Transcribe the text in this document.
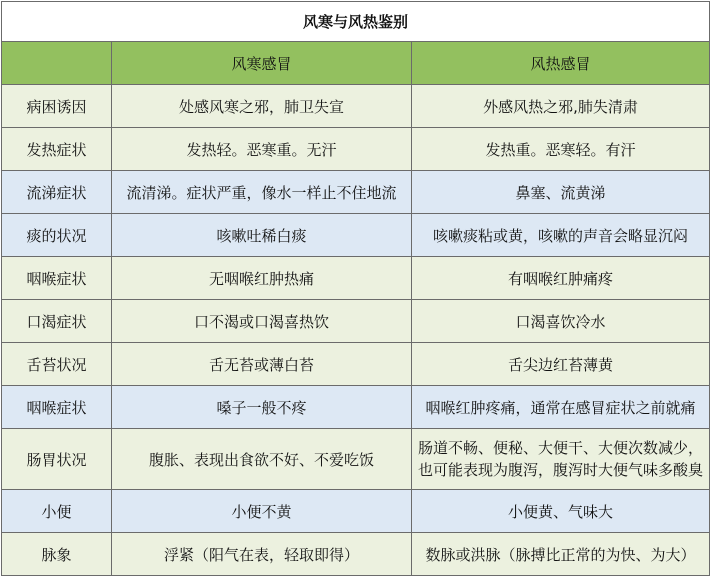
风寒与风热鉴别		
	风寒感冒	风热感冒
病困诱因	处感风寒之邪，肺卫失宣	外感风热之邪,肺失清肃
发热症状	发热轻。恶寒重。无汗	发热重。恶寒轻。有汗
流涕症状	流清涕。症状严重，像水一样止不住地流	鼻塞、流黄涕
痰的状况	咳嗽吐稀白痰	咳嗽痰粘或黄，咳嗽的声音会略显沉闷
咽喉症状	无咽喉红肿热痛	有咽喉红肿痛疼
口渴症状	口不渴或口渴喜热饮	口渴喜饮冷水
舌苔状况	舌无苔或薄白苔	舌尖边红苔薄黄
咽喉症状	嗓子一般不疼	咽喉红肿疼痛，通常在感冒症状之前就痛
肠胃状况	腹胀、表现出食欲不好、不爱吃饭	肠道不畅、便秘、大便干、大便次数减少，也可能表现为腹泻，腹泻时大便气味多酸臭
小便	小便不黄	小便黄、气味大
脉象	浮紧（阳气在表，轻取即得）	数脉或洪脉（脉搏比正常的为快、为大）
